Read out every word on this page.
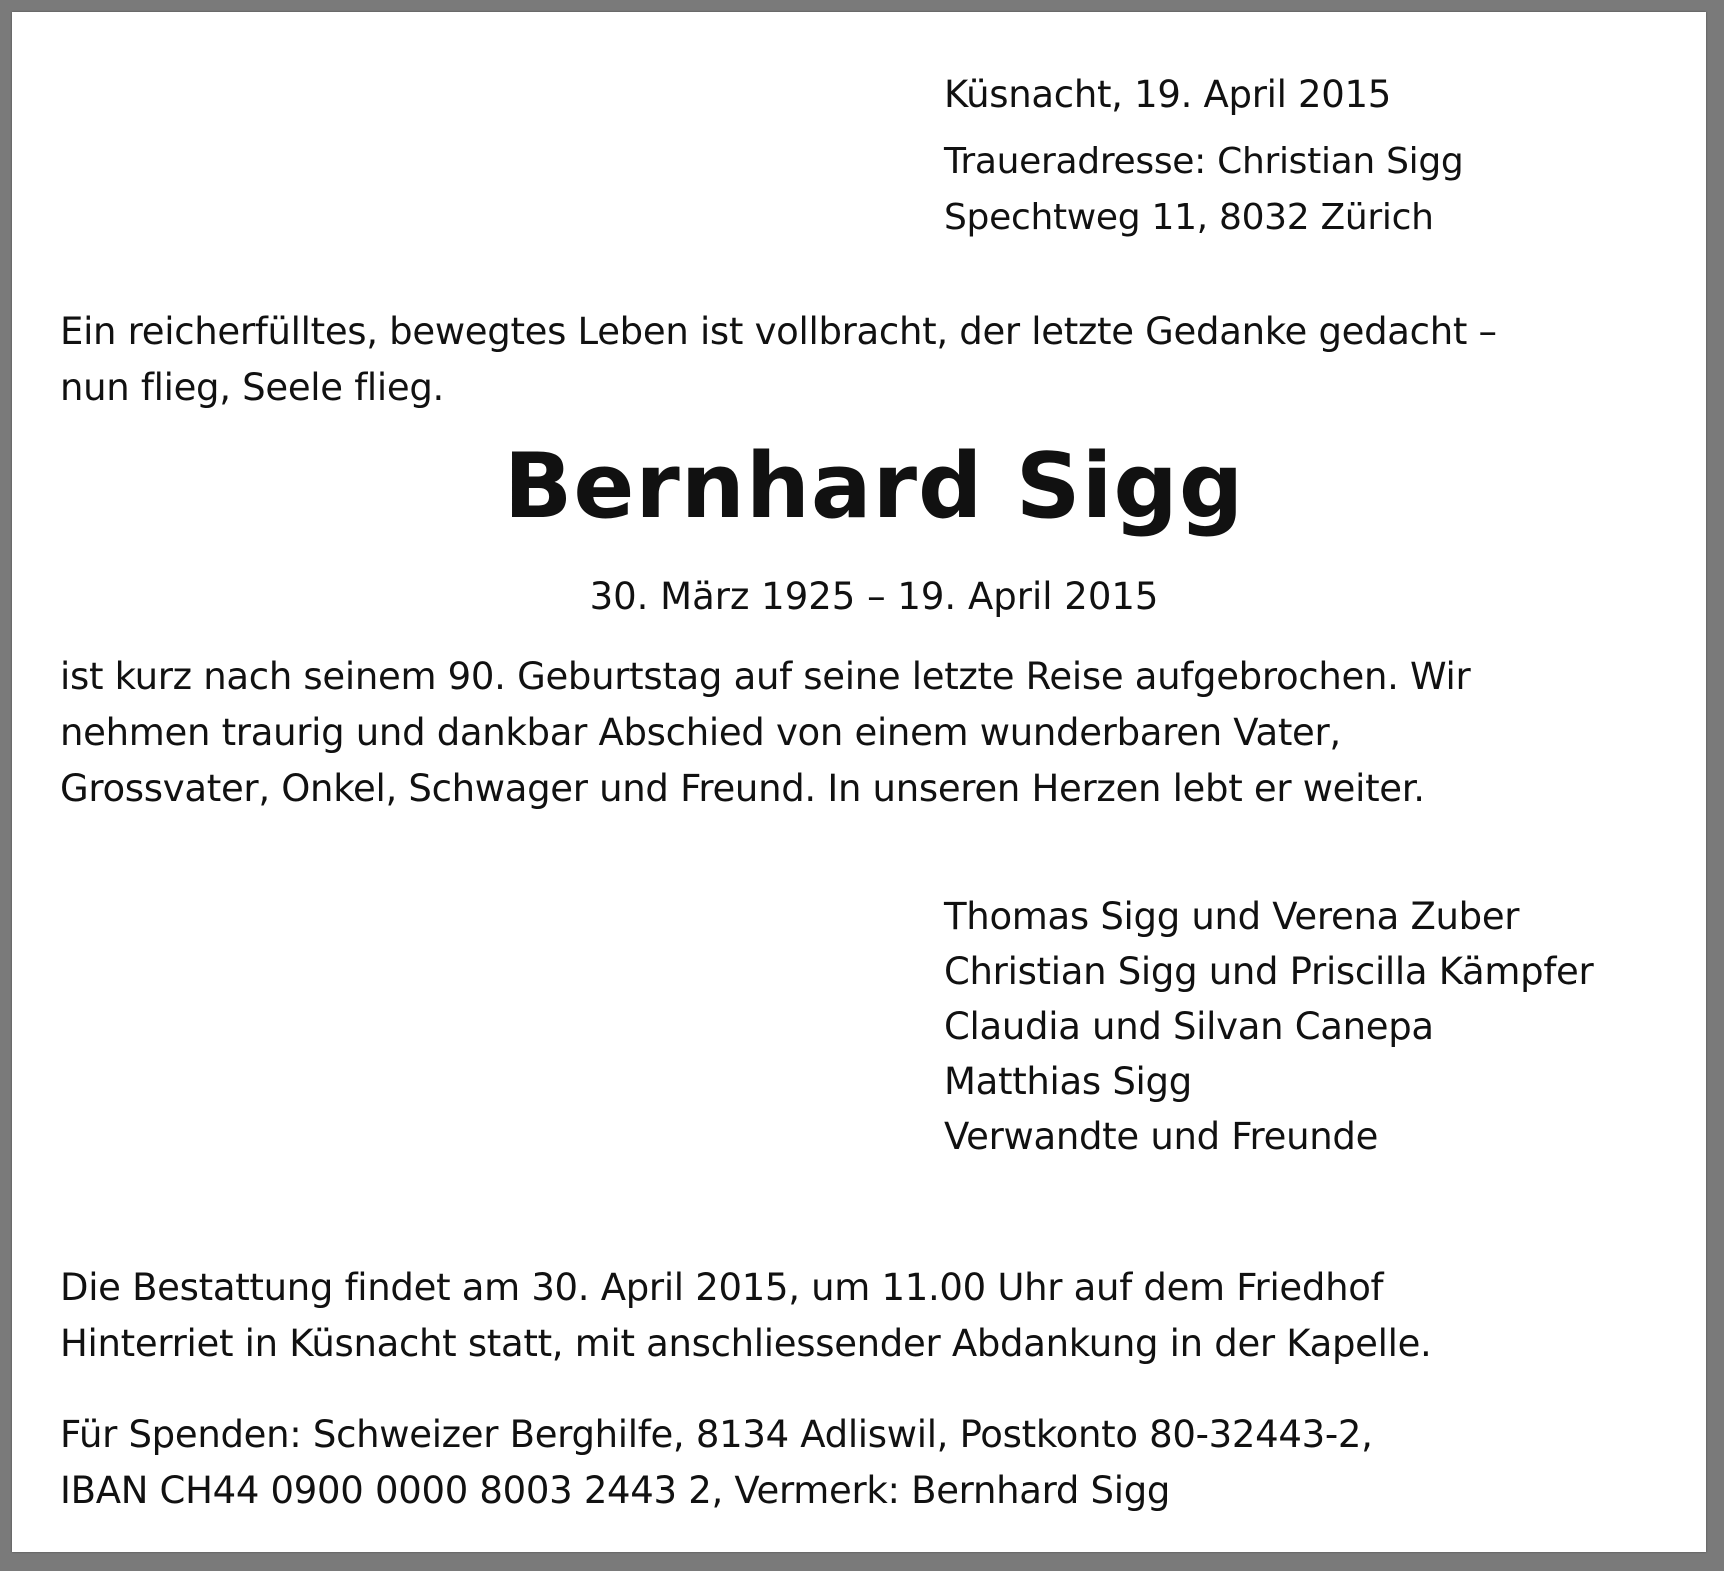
Küsnacht, 19. April 2015

Traueradresse: Christian Sigg
Spechtweg 11, 8032 Zürich

Ein reicherfülltes, bewegtes Leben ist vollbracht, der letzte Gedanke gedacht –
nun flieg, Seele flieg.

Bernhard Sigg

30. März 1925 – 19. April 2015

ist kurz nach seinem 90. Geburtstag auf seine letzte Reise aufgebrochen. Wir
nehmen traurig und dankbar Abschied von einem wunderbaren Vater,
Grossvater, Onkel, Schwager und Freund. In unseren Herzen lebt er weiter.

Thomas Sigg und Verena Zuber
Christian Sigg und Priscilla Kämpfer
Claudia und Silvan Canepa
Matthias Sigg
Verwandte und Freunde

Die Bestattung findet am 30. April 2015, um 11.00 Uhr auf dem Friedhof
Hinterriet in Küsnacht statt, mit anschliessender Abdankung in der Kapelle.

Für Spenden: Schweizer Berghilfe, 8134 Adliswil, Postkonto 80-32443-2,
IBAN CH44 0900 0000 8003 2443 2, Vermerk: Bernhard Sigg
